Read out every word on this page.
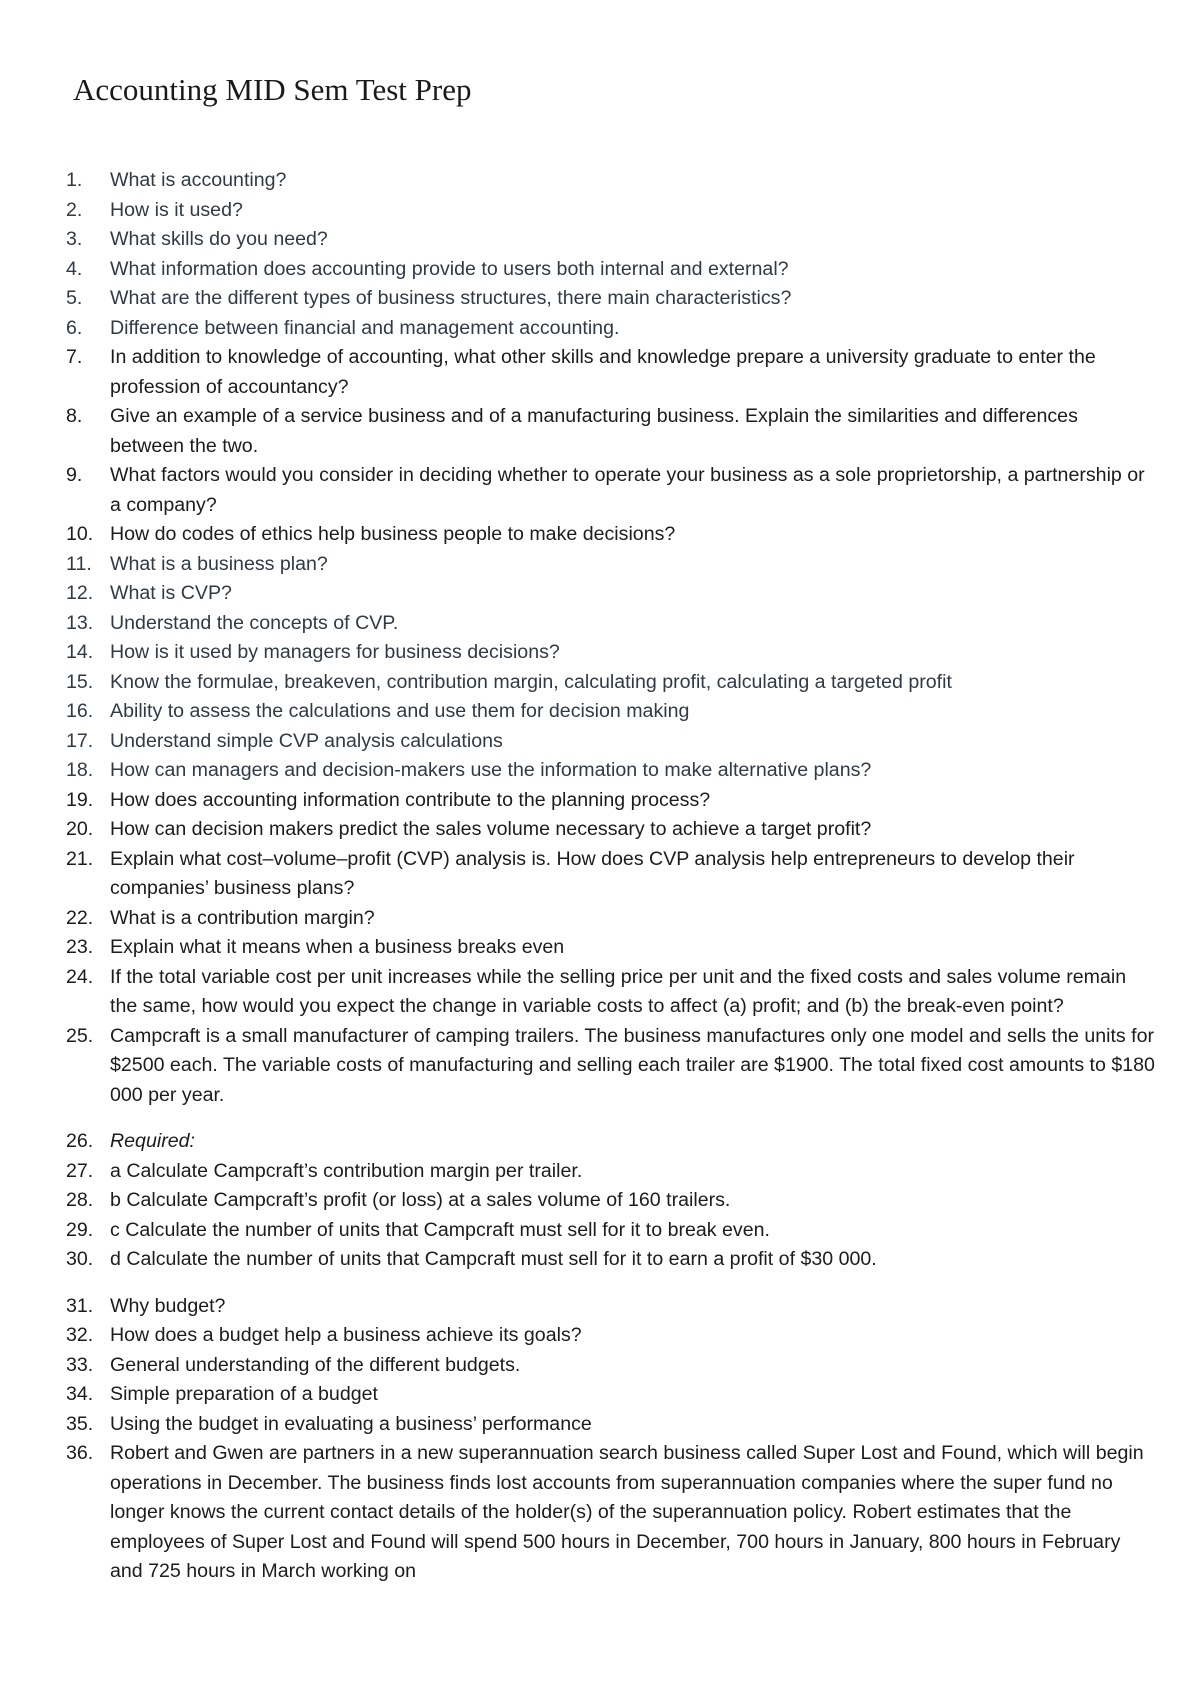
Accounting MID Sem Test Prep
1. What is accounting?
2. How is it used?
3. What skills do you need?
4. What information does accounting provide to users both internal and external?
5. What are the different types of business structures, there main characteristics?
6. Difference between financial and management accounting.
7. In addition to knowledge of accounting, what other skills and knowledge prepare a university graduate to enter the profession of accountancy?
8. Give an example of a service business and of a manufacturing business. Explain the similarities and differences between the two.
9. What factors would you consider in deciding whether to operate your business as a sole proprietorship, a partnership or a company?
10. How do codes of ethics help business people to make decisions?
11. What is a business plan?
12. What is CVP?
13. Understand the concepts of CVP.
14. How is it used by managers for business decisions?
15. Know the formulae, breakeven, contribution margin, calculating profit, calculating a targeted profit
16. Ability to assess the calculations and use them for decision making
17. Understand simple CVP analysis calculations
18. How can managers and decision-makers use the information to make alternative plans?
19. How does accounting information contribute to the planning process?
20. How can decision makers predict the sales volume necessary to achieve a target profit?
21. Explain what cost–volume–profit (CVP) analysis is. How does CVP analysis help entrepreneurs to develop their companies’ business plans?
22. What is a contribution margin?
23. Explain what it means when a business breaks even
24. If the total variable cost per unit increases while the selling price per unit and the fixed costs and sales volume remain the same, how would you expect the change in variable costs to affect (a) profit; and (b) the break-even point?
25. Campcraft is a small manufacturer of camping trailers. The business manufactures only one model and sells the units for $2500 each. The variable costs of manufacturing and selling each trailer are $1900. The total fixed cost amounts to $180 000 per year.
26. Required:
27. a Calculate Campcraft’s contribution margin per trailer.
28. b Calculate Campcraft’s profit (or loss) at a sales volume of 160 trailers.
29. c Calculate the number of units that Campcraft must sell for it to break even.
30. d Calculate the number of units that Campcraft must sell for it to earn a profit of $30 000.
31. Why budget?
32. How does a budget help a business achieve its goals?
33. General understanding of the different budgets.
34. Simple preparation of a budget
35. Using the budget in evaluating a business’ performance
36. Robert and Gwen are partners in a new superannuation search business called Super Lost and Found, which will begin operations in December. The business finds lost accounts from superannuation companies where the super fund no longer knows the current contact details of the holder(s) of the superannuation policy. Robert estimates that the employees of Super Lost and Found will spend 500 hours in December, 700 hours in January, 800 hours in February and 725 hours in March working on
